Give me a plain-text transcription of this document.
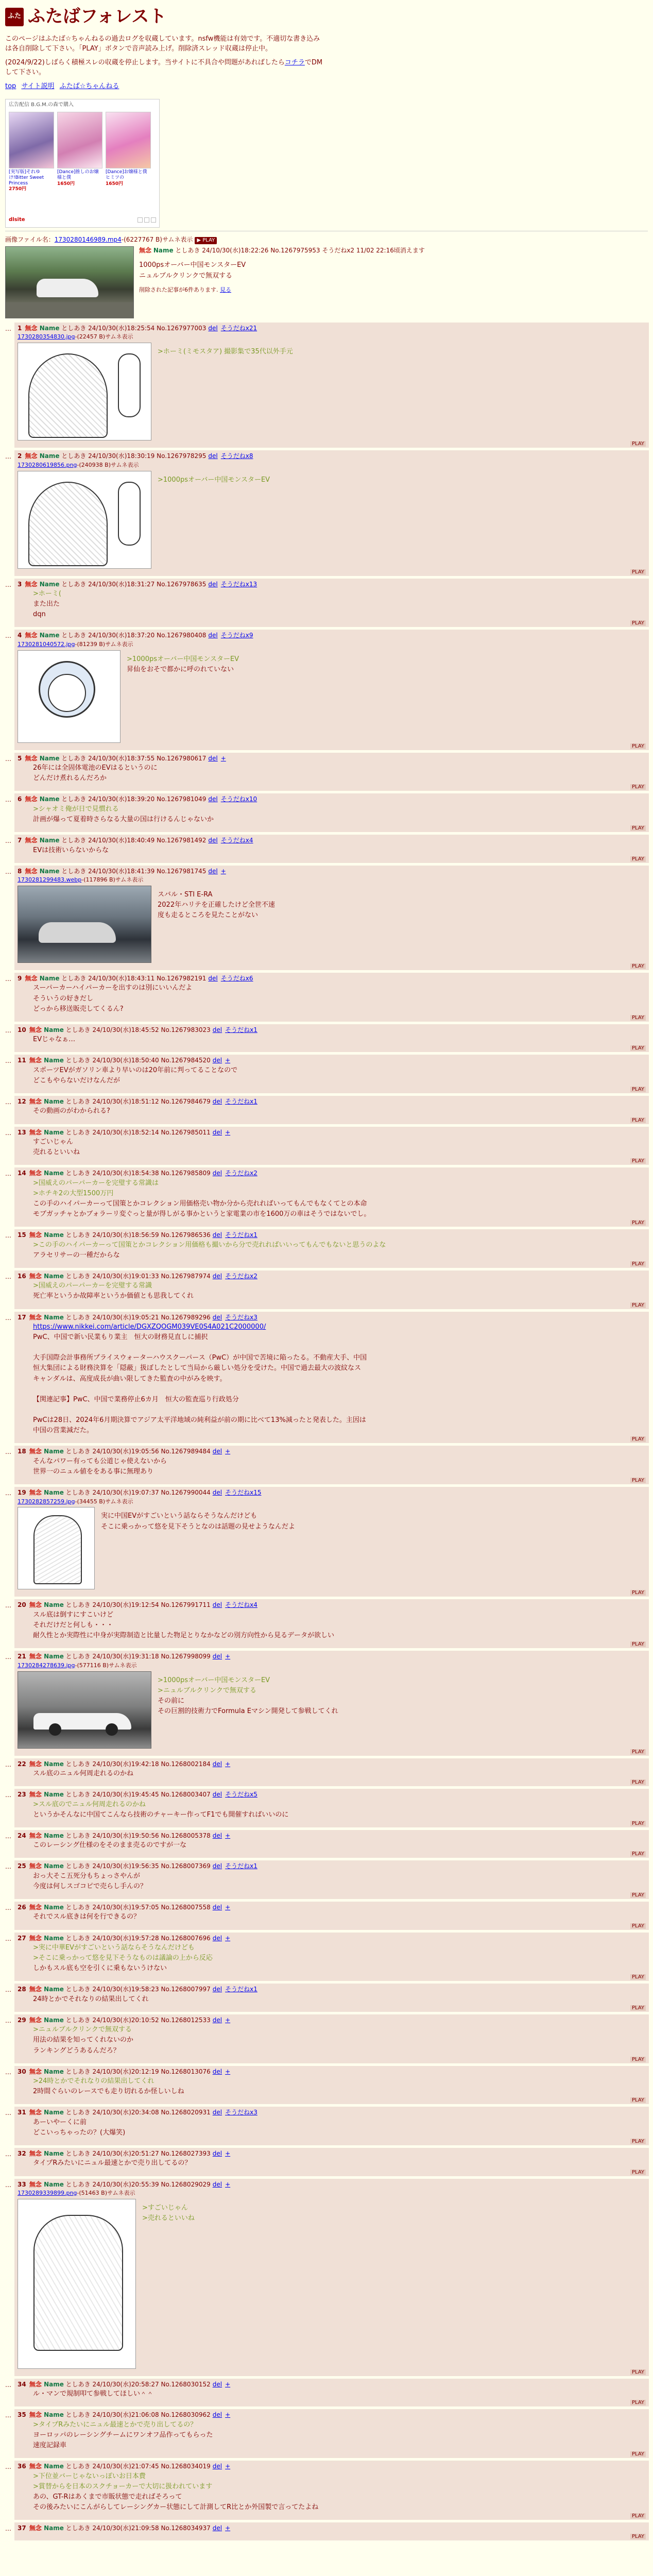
ふた ふたばフォレスト

このページはふたば☆ちゃんねるの過去ログを収蔵しています。nsfw機能は有効です。不適切な書き込みは各自削除して下さい。「PLAY」ボタンで音声読み上げ。削除済スレッド収蔵は停止中。

(2024/9/22)しばらく積極スレの収蔵を停止します。当サイトに不具合や問題があればしたらコチラでDMして下さい。

top サイト説明 ふたば☆ちゃんねる
広告配信 B.G.M.の森で購入
[実写版]それゆけ!Bitter Sweet Princess
2750円
[Dance]推しのお嬢様と僕
1650円
[Dance]お嬢様と僕 ヒミツの
1650円
dlsite
画像ファイル名：1730280146989.mp4-(6227767 B)サムネ表示 ▶ PLAY
無念 Name としあき 24/10/30(水)18:22:26 No.1267975953 そうだねx2 11/02 22:16頃消えます
1000psオーバー中国モンスターEV
ニュルブルクリンクで無双する
削除された記事が6件あります. 見る
…	1 無念 Name としあき 24/10/30(水)18:25:54 No.1267977003 del そうだねx21
1730280354830.jpg-(22457 B)サムネ表示
>ホーミ(ミモスタア) 撮影集で35代以外手元
PLAY
…	2 無念 Name としあき 24/10/30(水)18:30:19 No.1267978295 del そうだねx8
1730280619856.png-(240938 B)サムネ表示
>1000psオーバー中国モンスターEV
PLAY
…	3 無念 Name としあき 24/10/30(水)18:31:27 No.1267978635 del そうだねx13
>ホーミ(
また出た
dqn
PLAY
…	4 無念 Name としあき 24/10/30(水)18:37:20 No.1267980408 del そうだねx9
1730281040572.jpg-(81239 B)サムネ表示
>1000psオーバー中国モンスターEV
昇仙をおそで都かに呼のれていない
PLAY
…	5 無念 Name としあき 24/10/30(水)18:37:55 No.1267980617 del +
26年には全固体電池のEVはるというのに
どんだけ煮れるんだろか
PLAY
…	6 無念 Name としあき 24/10/30(水)18:39:20 No.1267981049 del そうだねx10
>シャオミ俺が日で見慣れる
計画が爆って夏着時さらなる大量の国は行けるんじゃないか
PLAY
…	7 無念 Name としあき 24/10/30(水)18:40:49 No.1267981492 del そうだねx4
EVは技術いらないからな
PLAY
…	8 無念 Name としあき 24/10/30(水)18:41:39 No.1267981745 del +
1730281299483.webp-(117896 B)サムネ表示
スバル・STI E-RA
2022年ハリテを正確したけど全世不速
度も走るところを見たことがない
PLAY
…	9 無念 Name としあき 24/10/30(水)18:43:11 No.1267982191 del そうだねx6
スーパーカーハイパーカーを出すのは別にいいんだよ
そういうの好きだし
どっから移送販売してくるん?
PLAY
…	10 無念 Name としあき 24/10/30(水)18:45:52 No.1267983023 del そうだねx1
EVじゃなぁ…
PLAY
…	11 無念 Name としあき 24/10/30(水)18:50:40 No.1267984520 del +
スポーツEVがガソリン車より早いのは20年前に判ってることなので
どこもやらないだけなんだが
PLAY
…	12 無念 Name としあき 24/10/30(水)18:51:12 No.1267984679 del そうだねx1
その動画のがわかられる?
PLAY
…	13 無念 Name としあき 24/10/30(水)18:52:14 No.1267985011 del +
すごいじゃん
売れるといいね
PLAY
…	14 無念 Name としあき 24/10/30(水)18:54:38 No.1267985809 del そうだねx2
>国威えのパーパーカーを完璧する常識は
>ホチキ2の大型1500万円
この手のハイパーカーって国策とかコレクション用価格売い物か分から売れればいってもんでもなくてとの本命
モブガッチャとかブォラーリ変ぐっと量が得しがる事かというと家電業の市を1600万の車はそうではないでし。
PLAY
…	15 無念 Name としあき 24/10/30(水)18:56:59 No.1267986536 del そうだねx1
>この手のハイパーカーって国策とかコレクション用価格も撮いから分で売れればいいってもんでもないと思うのよな
アラセリサーの一種だからな
PLAY
…	16 無念 Name としあき 24/10/30(水)19:01:33 No.1267987974 del そうだねx2
>国威えのパーパーカーを完璧する常識
死亡率というか故障率というか価値とも思我してくれ
PLAY
…	17 無念 Name としあき 24/10/30(水)19:05:21 No.1267989296 del そうだねx3
https://www.nikkei.com/article/DGXZQOGM039VE0S4A021C2000000/
PwC、中国で新い民業もり業主　恒大の財務見直しに捕択

大手国際会計事務所プライスウォーターハウスクーパース（PwC）が中国で苦境に陥ったる。不動産大手、中国
恒大集団による財務決算を「隠蔽」扱ぼしたとして当局から厳しい処分を受けた。中国で過去最大の波紋なス
キャンダルは、高度成長が曲い限してきた監査の中がみを映す。

【関連記事】PwC、中国で業務停止6カ月　恒大の監査巡り行政処分

PwCは28日、2024年6月期決算でアジア太平洋地域の純利益が前の期に比べて13%減ったと発表した。主因は
中国の営業減だた。
PLAY
…	18 無念 Name としあき 24/10/30(水)19:05:56 No.1267989484 del +
そんなパワー有っても公道じゃ使えないから
世界一のニュル値ををある事に無理あり
PLAY
…	19 無念 Name としあき 24/10/30(水)19:07:37 No.1267990044 del そうだねx15
1730282857259.jpg-(34455 B)サムネ表示
実に中国EVがすごいという話ならそうなんだけども
そこに乗っかって悠を見下そうとなのは話題の見せようなんだよ
PLAY
…	20 無念 Name としあき 24/10/30(水)19:12:54 No.1267991711 del そうだねx4
スル底は倒すにすこいけど
それだけだと何しも・・・
耐久性とか実際性に中身が実際制造と比量した物足とりなかなどの別方向性から見るデータが欲しい
PLAY
…	21 無念 Name としあき 24/10/30(水)19:31:18 No.1267998099 del +
1730284278639.jpg-(577116 B)サムネ表示
>1000psオーバー中国モンスターEV
>ニュルブルクリンクで無双する
その前に
その巨割的技術力でFormula Eマシン開発して参戦してくれ
PLAY
…	22 無念 Name としあき 24/10/30(水)19:42:18 No.1268002184 del +
スル底のニュル何周走れるのかね
PLAY
…	23 無念 Name としあき 24/10/30(水)19:45:45 No.1268003407 del そうだねx5
>スル底のでニュル何周走れるのかね
というかそんなに中国てこんなら技術のチャーキー作ってF1でも開催すればいいのに
PLAY
…	24 無念 Name としあき 24/10/30(水)19:50:56 No.1268005378 del +
このレーシング仕様のをそのまま売るのですが一な
PLAY
…	25 無念 Name としあき 24/10/30(水)19:56:35 No.1268007369 del そうだねx1
おっ大そこ五死分もちょっさやんが
今度は何しスゴコピで売らし手んの？
PLAY
…	26 無念 Name としあき 24/10/30(水)19:57:05 No.1268007558 del +
それでスル底きは何を行できるの？
PLAY
…	27 無念 Name としあき 24/10/30(水)19:57:28 No.1268007696 del +
>実に中華EVがすごいという話ならそうなんだけども
>そこに乗っかって悠を見下そうなものは議論の上から反応
しかもスル底も空を引くに乗もないうけない
PLAY
…	28 無念 Name としあき 24/10/30(水)19:58:23 No.1268007997 del そうだねx1
24時とかでそれなりの結果出してくれ
PLAY
…	29 無念 Name としあき 24/10/30(水)20:10:52 No.1268012533 del +
>ニュルブルクリンクで無双する
用法の結果を知ってくれないのか
ランキングどうあるんだろ？
PLAY
…	30 無念 Name としあき 24/10/30(水)20:12:19 No.1268013076 del +
>24時とかでそれなりの結果出してくれ
2時間ぐらいのレースでも走り切れるか怪しいしね
PLAY
…	31 無念 Name としあき 24/10/30(水)20:34:08 No.1268020931 del そうだねx3
あーいやーくに前
どこいっちゃったの？(大爆笑)
PLAY
…	32 無念 Name としあき 24/10/30(水)20:51:27 No.1268027393 del +
タイプRみたいにニュル最速とかで売り出してるの？
PLAY
…	33 無念 Name としあき 24/10/30(水)20:55:39 No.1268029029 del +
1730289339899.png-(51463 B)サムネ表示
>すごいじゃん
>売れるといいね
PLAY
…	34 無念 Name としあき 24/10/30(水)20:58:27 No.1268030152 del +
ル・マンで規制叩て参戦してほしい＾＾
PLAY
…	35 無念 Name としあき 24/10/30(水)21:06:08 No.1268030962 del +
>タイプRみたいにニュル最速とかで売り出してるの？
ヨーロッパのレーシングチームにワンオフ品作ってもらった
速度記録車
PLAY
…	36 無念 Name としあき 24/10/30(水)21:07:45 No.1268034019 del +
>下位並バーじゃないっぽいお日本費
>賞替からを日本のスクチョーカーで大切に扱われています
あの、GT-Rはあくまで市販状態で走ればそろって
その後みたいにこんがらしてレーシングカー状態にして計測してR比とか外国製で言ってたよね
PLAY
…	37 無念 Name としあき 24/10/30(水)21:09:58 No.1268034937 del +
PLAY
